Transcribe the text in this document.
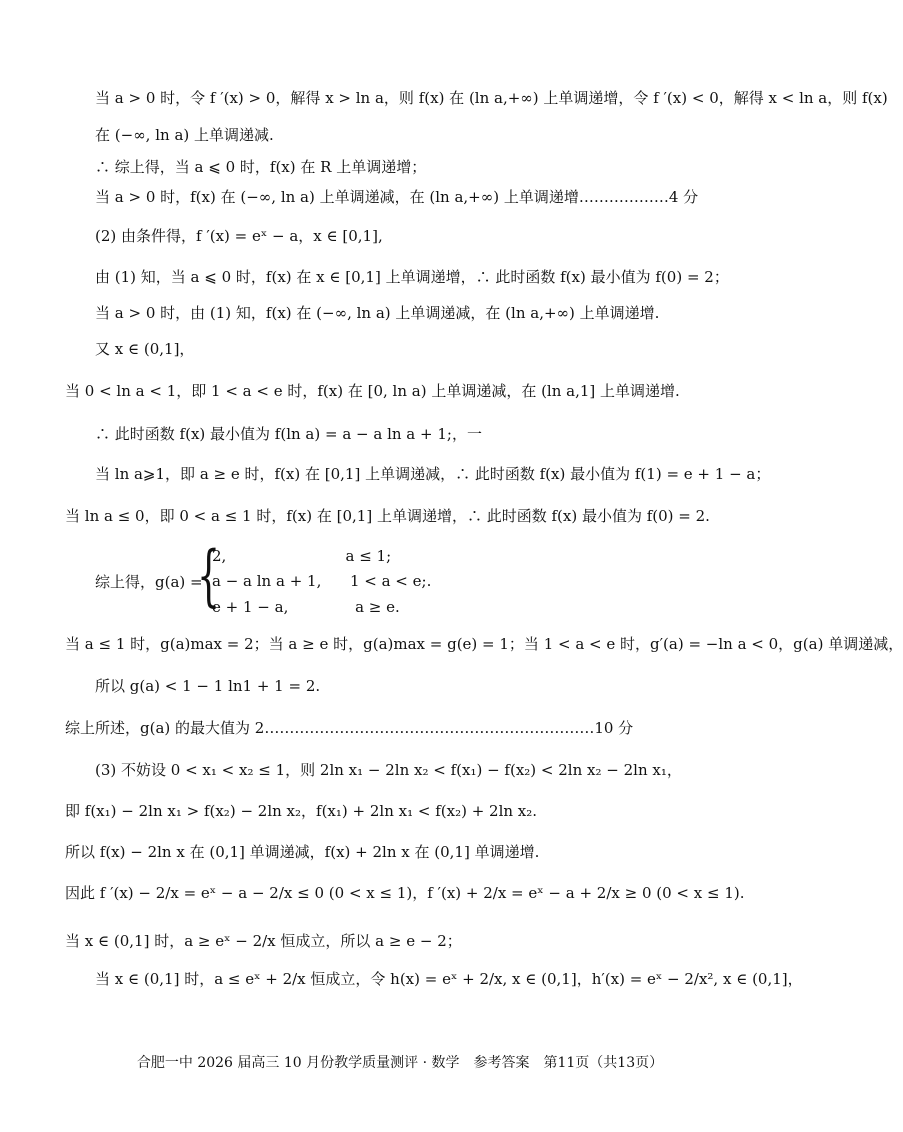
当 a > 0 时，令 f ′(x) > 0，解得 x > ln a，则 f(x) 在 (ln a,+∞) 上单调递增，令 f ′(x) < 0，解得 x < ln a，则 f(x)
在 (−∞, ln a) 上单调递减.
∴ 综上得，当 a ⩽ 0 时，f(x) 在 R 上单调递增；
当 a > 0 时，f(x) 在 (−∞, ln a) 上单调递减，在 (ln a,+∞) 上单调递增………………4 分
(2) 由条件得，f ′(x) = eˣ − a，x ∈ [0,1],
由 (1) 知，当 a ⩽ 0 时，f(x) 在 x ∈ [0,1] 上单调递增，∴ 此时函数 f(x) 最小值为 f(0) = 2；
当 a > 0 时，由 (1) 知，f(x) 在 (−∞, ln a) 上单调递减，在 (ln a,+∞) 上单调递增.
又 x ∈ (0,1]，
当 0 < ln a < 1，即 1 < a < e 时，f(x) 在 [0, ln a) 上单调递减，在 (ln a,1] 上单调递增.
∴ 此时函数 f(x) 最小值为 f(ln a) = a − a ln a + 1;，一
当 ln a⩾1，即 a ≥ e 时，f(x) 在 [0,1] 上单调递减，∴ 此时函数 f(x) 最小值为 f(1) = e + 1 − a；
当 ln a ≤ 0，即 0 < a ≤ 1 时，f(x) 在 [0,1] 上单调递增，∴ 此时函数 f(x) 最小值为 f(0) = 2.
综上得，g(a) =
{
2,                         a ≤ 1;
a − a ln a + 1,      1 < a < e;.
e + 1 − a,              a ≥ e.
当 a ≤ 1 时，g(a)max = 2；当 a ≥ e 时，g(a)max = g(e) = 1；当 1 < a < e 时，g′(a) = −ln a < 0，g(a) 单调递减，
所以 g(a) < 1 − 1 ln1 + 1 = 2.
综上所述，g(a) 的最大值为 2…………………………………………………………10 分
(3) 不妨设 0 < x₁ < x₂ ≤ 1，则 2ln x₁ − 2ln x₂ < f(x₁) − f(x₂) < 2ln x₂ − 2ln x₁，
即 f(x₁) − 2ln x₁ > f(x₂) − 2ln x₂，f(x₁) + 2ln x₁ < f(x₂) + 2ln x₂.
所以 f(x) − 2ln x 在 (0,1] 单调递减，f(x) + 2ln x 在 (0,1] 单调递增.
因此 f ′(x) − 2/x = eˣ − a − 2/x ≤ 0 (0 < x ≤ 1)，f ′(x) + 2/x = eˣ − a + 2/x ≥ 0 (0 < x ≤ 1).
当 x ∈ (0,1] 时，a ≥ eˣ − 2/x 恒成立，所以 a ≥ e − 2；
当 x ∈ (0,1] 时，a ≤ eˣ + 2/x 恒成立，令 h(x) = eˣ + 2/x, x ∈ (0,1]，h′(x) = eˣ − 2/x², x ∈ (0,1]，
合肥一中 2026 届高三 10 月份教学质量测评 · 数学　参考答案　第11页（共13页）
